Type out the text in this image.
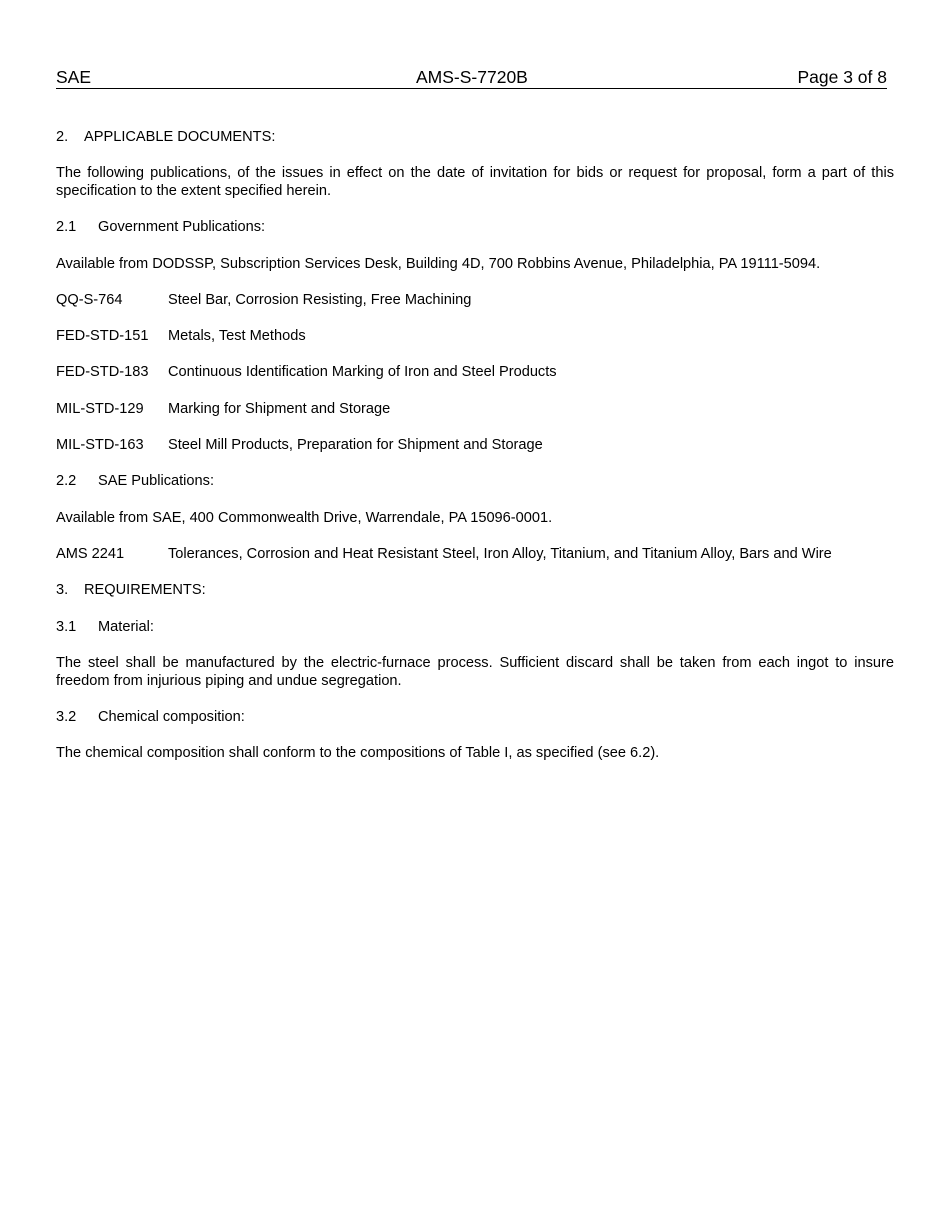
SAE	AMS-S-7720B	Page 3 of 8
2. APPLICABLE DOCUMENTS:
The following publications, of the issues in effect on the date of invitation for bids or request for proposal, form a part of this specification to the extent specified herein.
2.1 Government Publications:
Available from DODSSP, Subscription Services Desk, Building 4D, 700 Robbins Avenue, Philadelphia, PA 19111-5094.
QQ-S-764	Steel Bar, Corrosion Resisting, Free Machining
FED-STD-151	Metals, Test Methods
FED-STD-183	Continuous Identification Marking of Iron and Steel Products
MIL-STD-129	Marking for Shipment and Storage
MIL-STD-163	Steel Mill Products, Preparation for Shipment and Storage
2.2 SAE Publications:
Available from SAE, 400 Commonwealth Drive, Warrendale, PA 15096-0001.
AMS 2241	Tolerances, Corrosion and Heat Resistant Steel, Iron Alloy, Titanium, and Titanium Alloy, Bars and Wire
3. REQUIREMENTS:
3.1 Material:
The steel shall be manufactured by the electric-furnace process. Sufficient discard shall be taken from each ingot to insure freedom from injurious piping and undue segregation.
3.2 Chemical composition:
The chemical composition shall conform to the compositions of Table I, as specified (see 6.2).
